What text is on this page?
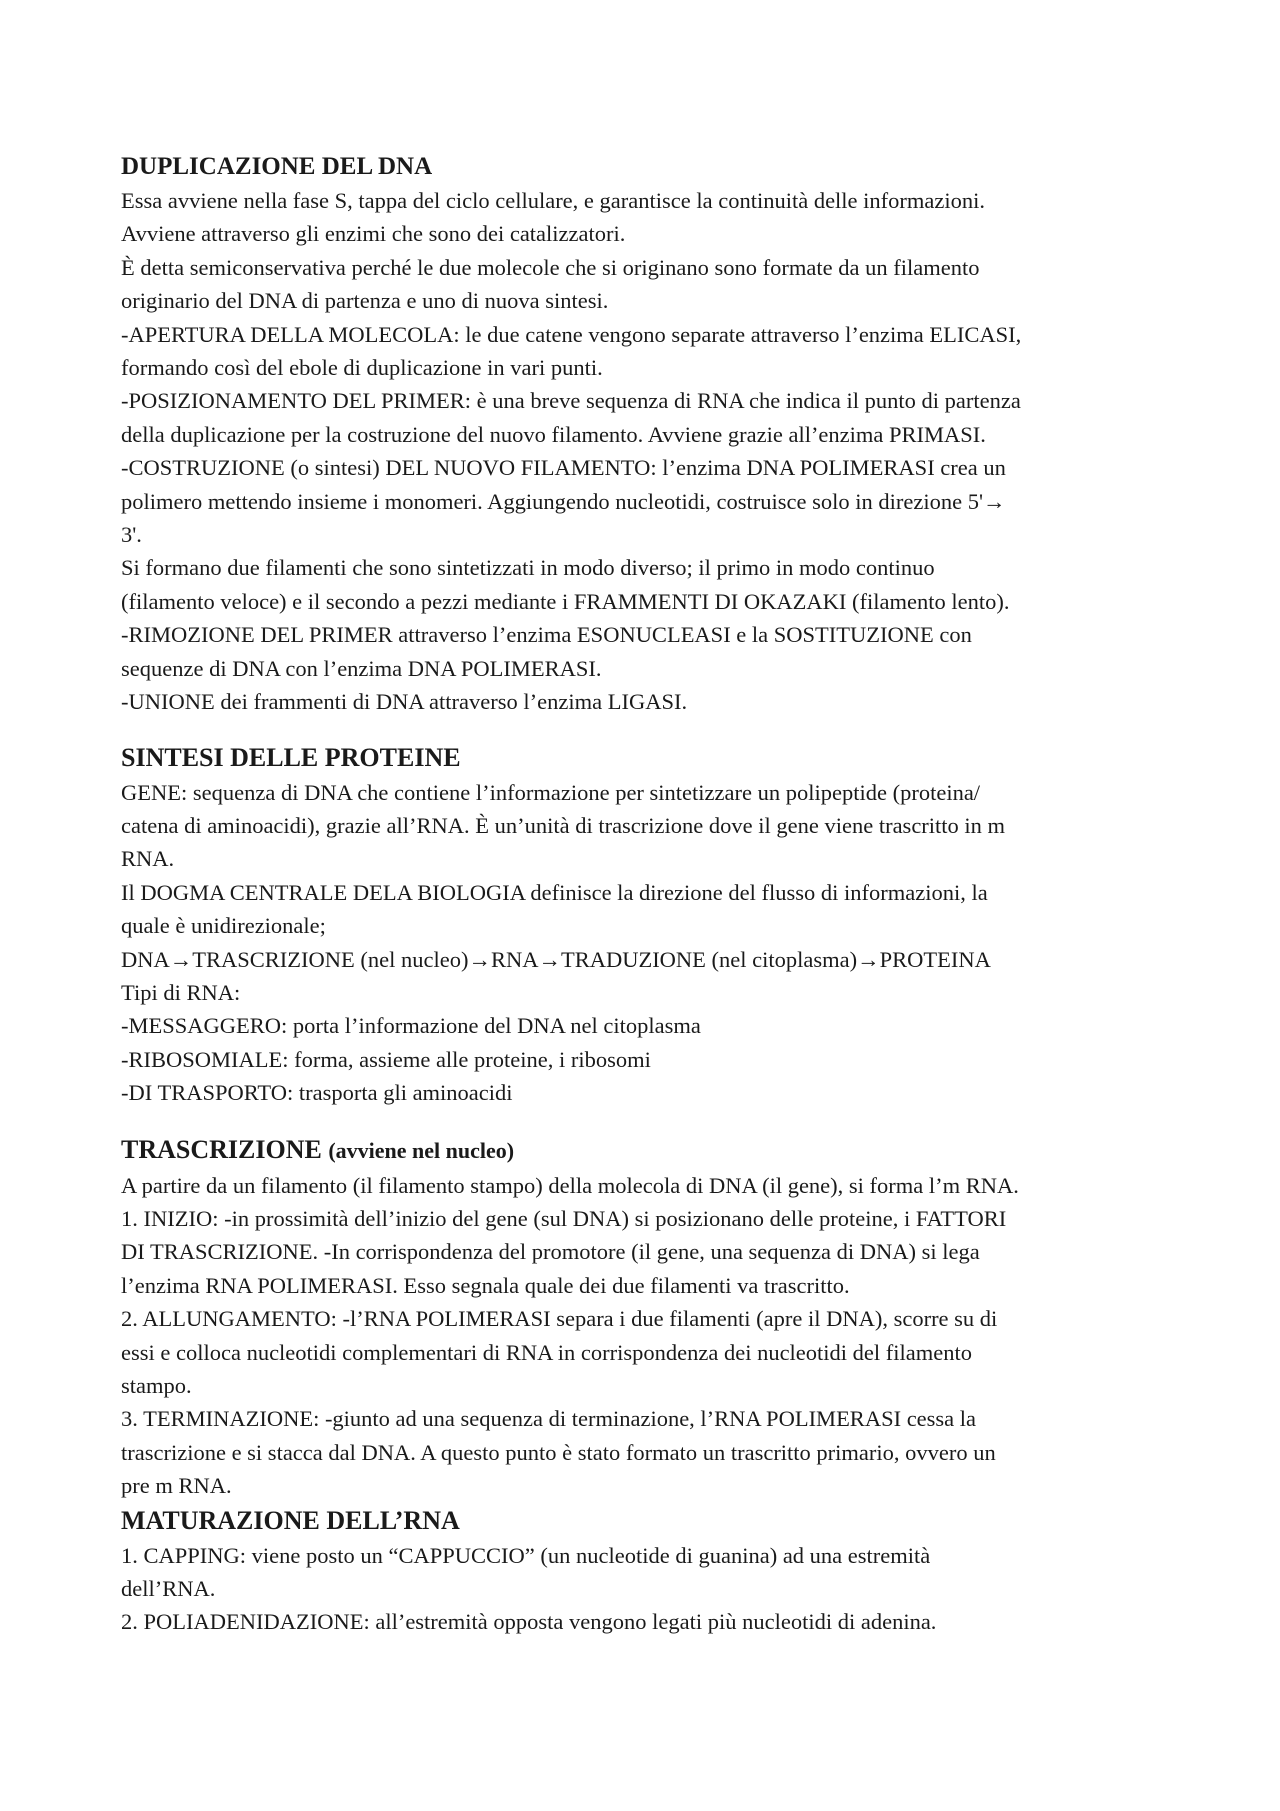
DUPLICAZIONE DEL DNA

Essa avviene nella fase S, tappa del ciclo cellulare, e garantisce la continuità delle informazioni.

Avviene attraverso gli enzimi che sono dei catalizzatori.

È detta semiconservativa perché le due molecole che si originano sono formate da un filamento

originario del DNA di partenza e uno di nuova sintesi.

-APERTURA DELLA MOLECOLA: le due catene vengono separate attraverso l’enzima ELICASI,

formando così del ebole di duplicazione in vari punti.

-POSIZIONAMENTO DEL PRIMER: è una breve sequenza di RNA che indica il punto di partenza

della duplicazione per la costruzione del nuovo filamento. Avviene grazie all’enzima PRIMASI.

-COSTRUZIONE (o sintesi) DEL NUOVO FILAMENTO: l’enzima DNA POLIMERASI crea un

polimero mettendo insieme i monomeri. Aggiungendo nucleotidi, costruisce solo in direzione 5'→

3'.

Si formano due filamenti che sono sintetizzati in modo diverso; il primo in modo continuo

(filamento veloce) e il secondo a pezzi mediante i FRAMMENTI DI OKAZAKI (filamento lento).

-RIMOZIONE DEL PRIMER attraverso l’enzima ESONUCLEASI e la SOSTITUZIONE con

sequenze di DNA con l’enzima DNA POLIMERASI.

-UNIONE dei frammenti di DNA attraverso l’enzima LIGASI.

SINTESI DELLE PROTEINE

GENE: sequenza di DNA che contiene l’informazione per sintetizzare un polipeptide (proteina/

catena di aminoacidi), grazie all’RNA. È un’unità di trascrizione dove il gene viene trascritto in m

RNA.

Il DOGMA CENTRALE DELA BIOLOGIA definisce la direzione del flusso di informazioni, la

quale è unidirezionale;

DNA→TRASCRIZIONE (nel nucleo)→RNA→TRADUZIONE (nel citoplasma)→PROTEINA

Tipi di RNA:

-MESSAGGERO: porta l’informazione del DNA nel citoplasma

-RIBOSOMIALE: forma, assieme alle proteine, i ribosomi

-DI TRASPORTO: trasporta gli aminoacidi

TRASCRIZIONE (avviene nel nucleo)

A partire da un filamento (il filamento stampo) della molecola di DNA (il gene), si forma l’m RNA.

1. INIZIO: -in prossimità dell’inizio del gene (sul DNA) si posizionano delle proteine, i FATTORI

DI TRASCRIZIONE. -In corrispondenza del promotore (il gene, una sequenza di DNA) si lega

l’enzima RNA POLIMERASI. Esso segnala quale dei due filamenti va trascritto.

2. ALLUNGAMENTO: -l’RNA POLIMERASI separa i due filamenti (apre il DNA), scorre su di

essi e colloca nucleotidi complementari di RNA in corrispondenza dei nucleotidi del filamento

stampo.

3. TERMINAZIONE: -giunto ad una sequenza di terminazione, l’RNA POLIMERASI cessa la

trascrizione e si stacca dal DNA. A questo punto è stato formato un trascritto primario, ovvero un

pre m RNA.

MATURAZIONE DELL’RNA

1. CAPPING: viene posto un “CAPPUCCIO” (un nucleotide di guanina) ad una estremità

dell’RNA.

2. POLIADENIDAZIONE: all’estremità opposta vengono legati più nucleotidi di adenina.
